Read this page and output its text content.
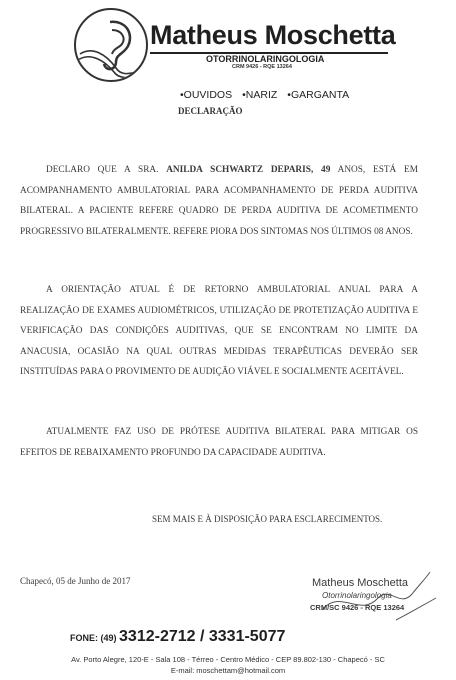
Matheus Moschetta
OTORRINOLARINGOLOGIA
CRM 9426 - RQE 13264
•OUVIDOS •NARIZ •GARGANTA
DECLARAÇÃO
DECLARO QUE A SRA. ANILDA SCHWARTZ DEPARIS, 49 ANOS, ESTÁ EM ACOMPANHAMENTO AMBULATORIAL PARA ACOMPANHAMENTO DE PERDA AUDITIVA BILATERAL. A PACIENTE REFERE QUADRO DE PERDA AUDITIVA DE ACOMETIMENTO PROGRESSIVO BILATERALMENTE. REFERE PIORA DOS SINTOMAS NOS ÚLTIMOS 08 ANOS.
A ORIENTAÇÃO ATUAL É DE RETORNO AMBULATORIAL ANUAL PARA A REALIZAÇÃO DE EXAMES AUDIOMÉTRICOS, UTILIZAÇÃO DE PROTETIZAÇÃO AUDITIVA E VERIFICAÇÃO DAS CONDIÇÕES AUDITIVAS, QUE SE ENCONTRAM NO LIMITE DA ANACUSIA, OCASIÃO NA QUAL OUTRAS MEDIDAS TERAPÊUTICAS DEVERÃO SER INSTITUÍDAS PARA O PROVIMENTO DE AUDIÇÃO VIÁVEL E SOCIALMENTE ACEITÁVEL.
ATUALMENTE FAZ USO DE PRÓTESE AUDITIVA BILATERAL PARA MITIGAR OS EFEITOS DE REBAIXAMENTO PROFUNDO DA CAPACIDADE AUDITIVA.
SEM MAIS E À DISPOSIÇÃO PARA ESCLARECIMENTOS.
Chapecó, 05 de Junho de 2017	Matheus Moschetta
Otorrinolaringologia
CRM/SC 9426 - RQE 13264
FONE: (49) 3312-2712 / 3331-5077
Av. Porto Alegre, 120-E - Sala 108 - Térreo - Centro Médico - CEP 89.802-130 - Chapecó - SC
E-mail: moschettam@hotmail.com
